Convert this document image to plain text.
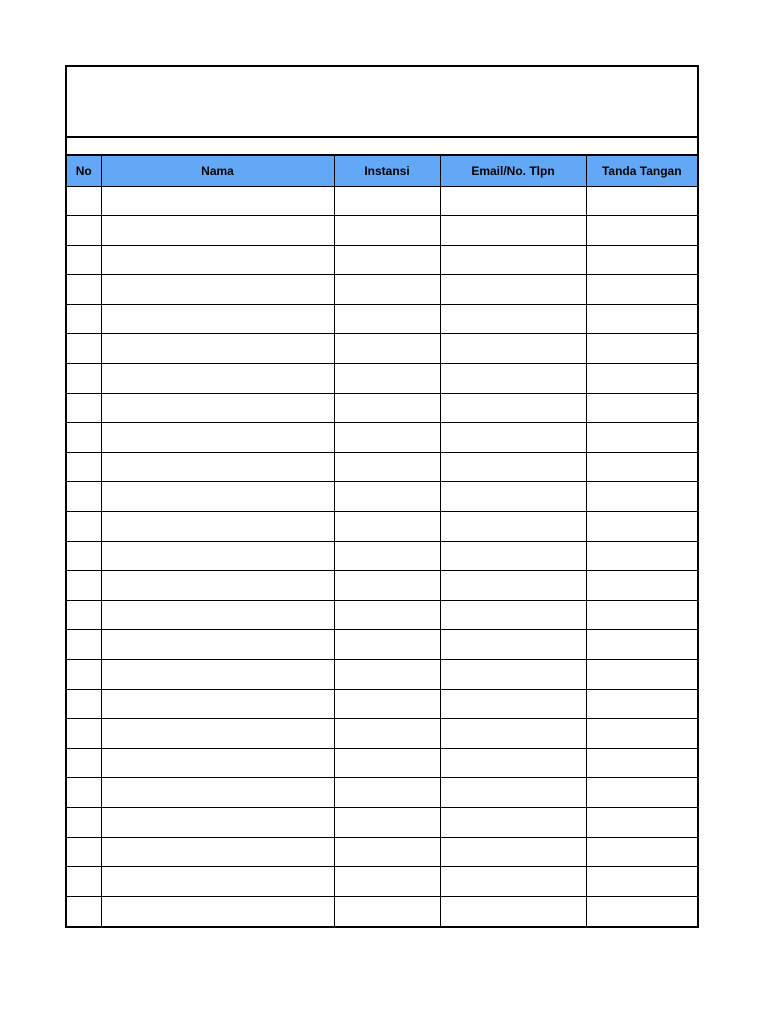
No	Nama	Instansi	Email/No. Tlpn	Tanda Tangan
